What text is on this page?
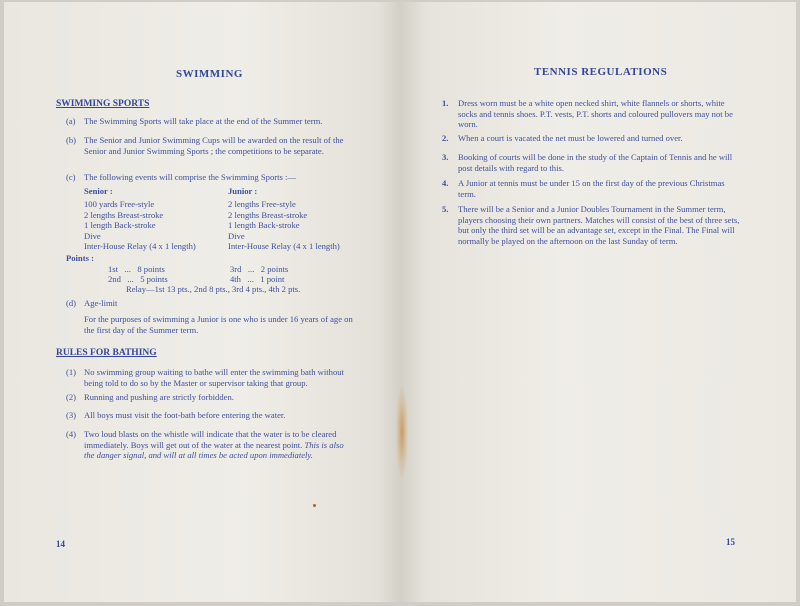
SWIMMING
SWIMMING SPORTS
(a) The Swimming Sports will take place at the end of the Summer term.
(b) The Senior and Junior Swimming Cups will be awarded on the result of the Senior and Junior Swimming Sports ; the competitions to be separate.
(c) The following events will comprise the Swimming Sports :—
Senior :
100 yards Free-style
2 lengths Breast-stroke
1 length Back-stroke
Dive
Inter-House Relay (4 x 1 length)
Junior :
2 lengths Free-style
2 lengths Breast-stroke
1 length Back-stroke
Dive
Inter-House Relay (4 x 1 length)
Points :
1st   ...   8 points
2nd   ...   5 points
3rd   ...   2 points
4th   ...   1 point
Relay—1st 13 pts., 2nd 8 pts., 3rd 4 pts., 4th 2 pts.
(d) Age-limit
For the purposes of swimming a Junior is one who is under 16 years of age on the first day of the Summer term.
RULES FOR BATHING
(1) No swimming group waiting to bathe will enter the swimming bath without being told to do so by the Master or supervisor taking that group.
(2) Running and pushing are strictly forbidden.
(3) All boys must visit the foot-bath before entering the water.
(4) Two loud blasts on the whistle will indicate that the water is to be cleared immediately. Boys will get out of the water at the nearest point. This is also the danger signal, and will at all times be acted upon immediately.
14
TENNIS REGULATIONS
1. Dress worn must be a white open necked shirt, white flannels or shorts, white socks and tennis shoes. P.T. vests, P.T. shorts and coloured pullovers may not be worn.
2. When a court is vacated the net must be lowered and turned over.
3. Booking of courts will be done in the study of the Captain of Tennis and he will post details with regard to this.
4. A Junior at tennis must be under 15 on the first day of the previous Christmas term.
5. There will be a Senior and a Junior Doubles Tournament in the Summer term, players choosing their own partners. Matches will consist of the best of three sets, but only the third set will be an advantage set, except in the Final. The Final will normally be played on the afternoon on the last Sunday of term.
15
